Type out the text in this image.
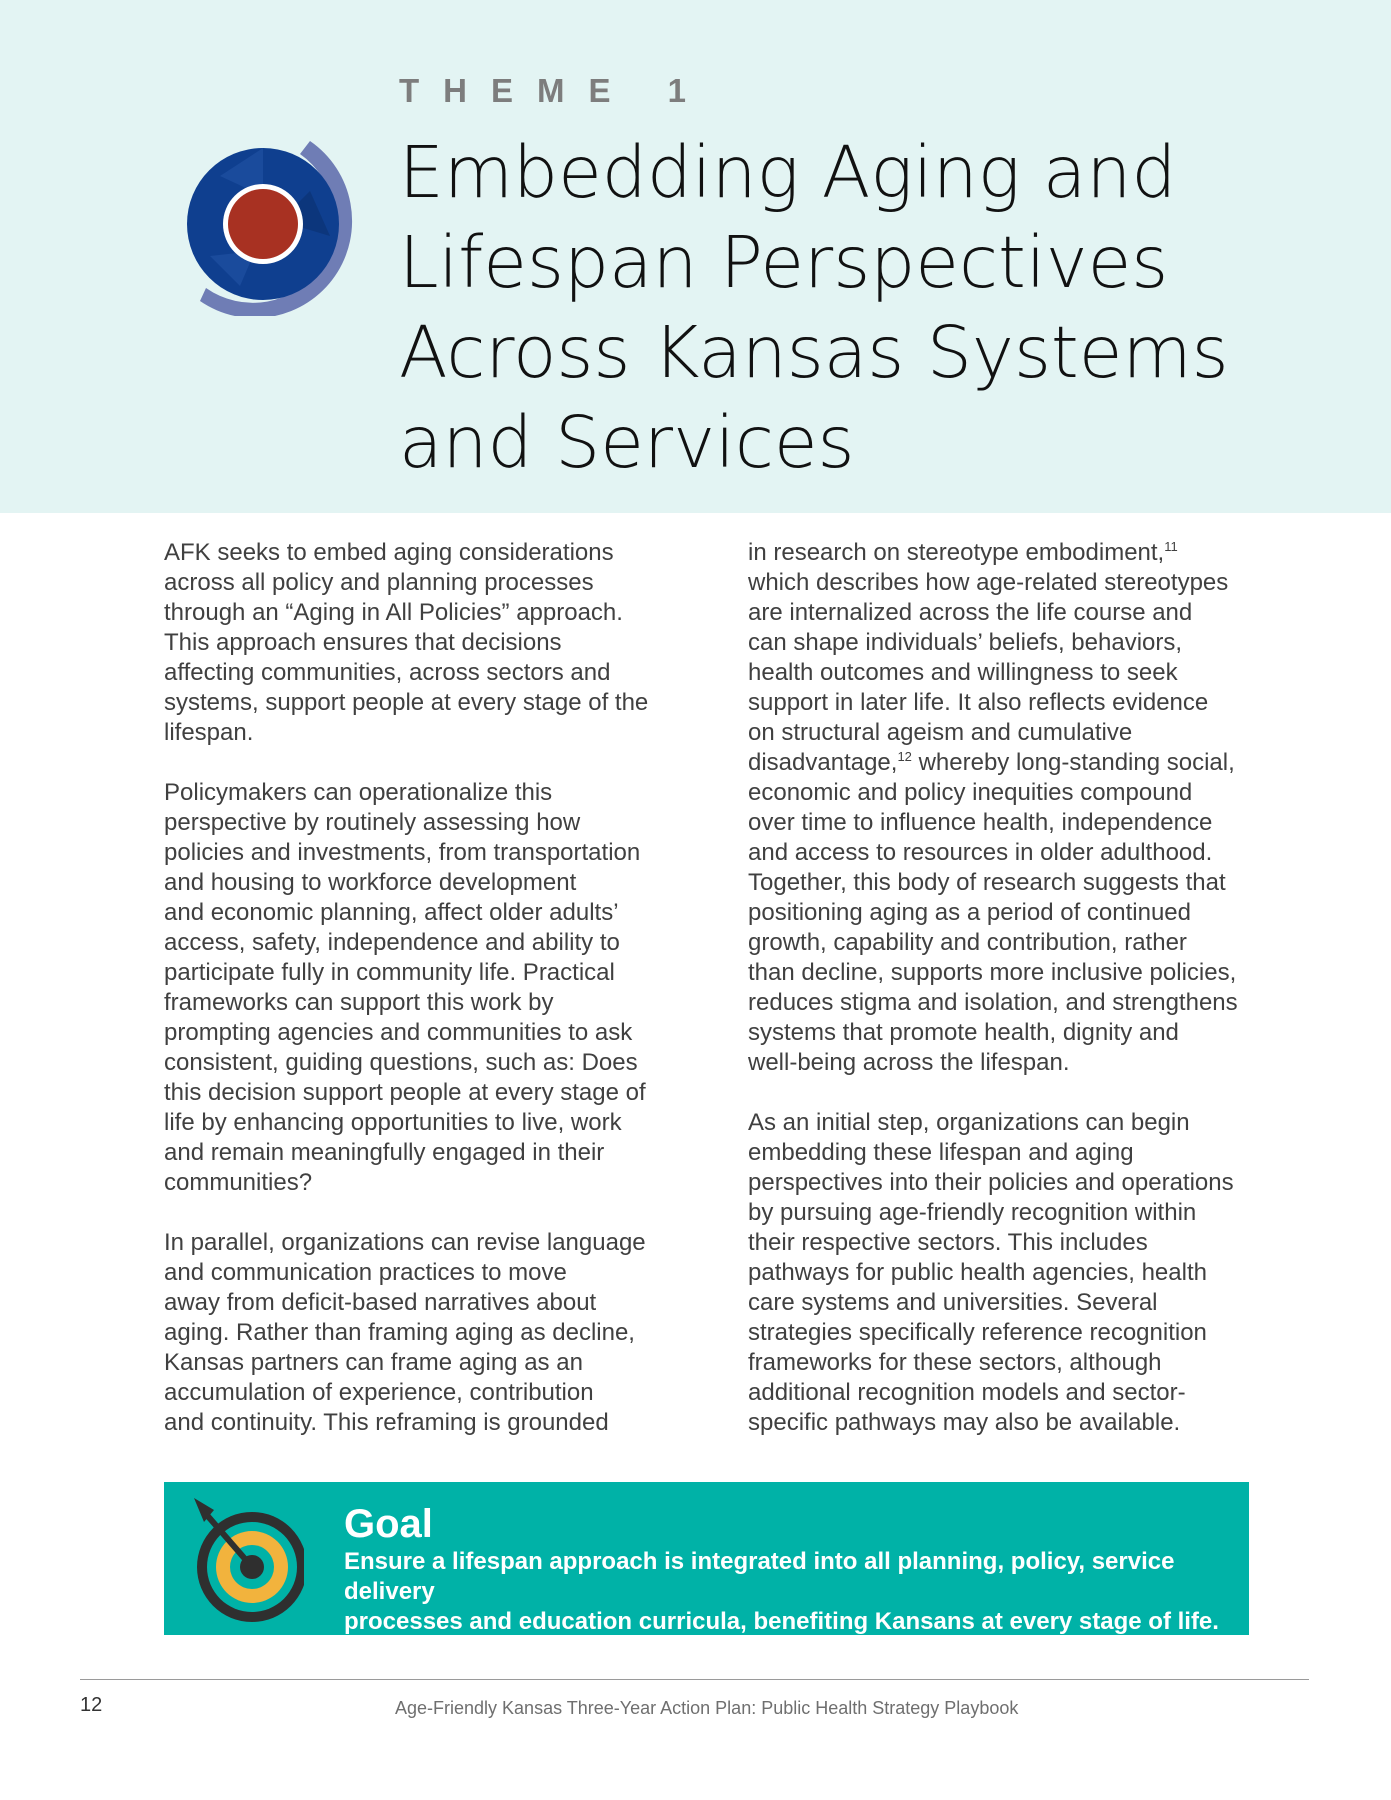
THEME 1
Embedding Aging and Lifespan Perspectives Across Kansas Systems and Services

AFK seeks to embed aging considerations
across all policy and planning processes
through an “Aging in All Policies” approach.
This approach ensures that decisions
affecting communities, across sectors and
systems, support people at every stage of the
lifespan.

Policymakers can operationalize this
perspective by routinely assessing how
policies and investments, from transportation
and housing to workforce development
and economic planning, affect older adults’
access, safety, independence and ability to
participate fully in community life. Practical
frameworks can support this work by
prompting agencies and communities to ask
consistent, guiding questions, such as: Does
this decision support people at every stage of
life by enhancing opportunities to live, work
and remain meaningfully engaged in their
communities?

In parallel, organizations can revise language
and communication practices to move
away from deficit-based narratives about
aging. Rather than framing aging as decline,
Kansas partners can frame aging as an
accumulation of experience, contribution
and continuity. This reframing is grounded

in research on stereotype embodiment,$^{11}$
which describes how age-related stereotypes
are internalized across the life course and
can shape individuals’ beliefs, behaviors,
health outcomes and willingness to seek
support in later life. It also reflects evidence
on structural ageism and cumulative
disadvantage,$^{12}$ whereby long-standing social,
economic and policy inequities compound
over time to influence health, independence
and access to resources in older adulthood.
Together, this body of research suggests that
positioning aging as a period of continued
growth, capability and contribution, rather
than decline, supports more inclusive policies,
reduces stigma and isolation, and strengthens
systems that promote health, dignity and
well-being across the lifespan.

As an initial step, organizations can begin
embedding these lifespan and aging
perspectives into their policies and operations
by pursuing age-friendly recognition within
their respective sectors. This includes
pathways for public health agencies, health
care systems and universities. Several
strategies specifically reference recognition
frameworks for these sectors, although
additional recognition models and sector-
specific pathways may also be available.

Goal
Ensure a lifespan approach is integrated into all planning, policy, service delivery
processes and education curricula, benefiting Kansans at every stage of life.
12	Age-Friendly Kansas Three-Year Action Plan: Public Health Strategy Playbook
